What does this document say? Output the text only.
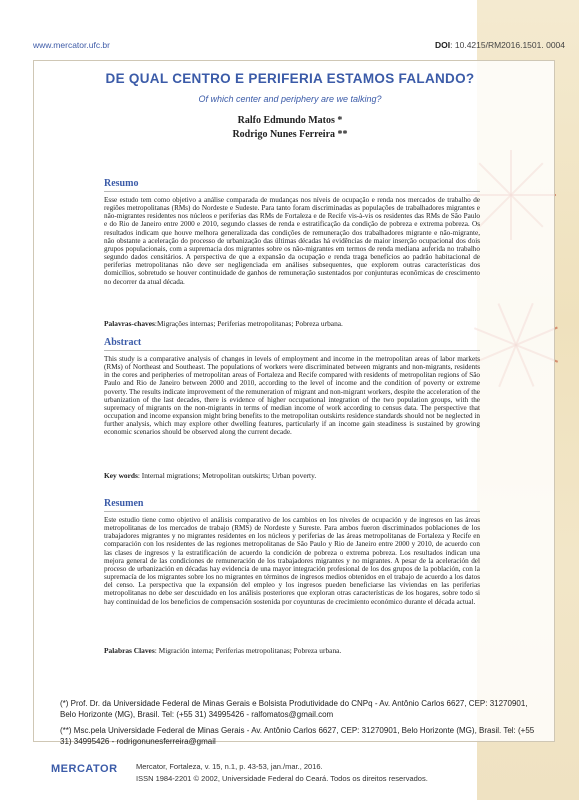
www.mercator.ufc.br	DOI: 10.4215/RM2016.1501. 0004
DE QUAL CENTRO E PERIFERIA ESTAMOS FALANDO?
Of which center and periphery are we talking?
Ralfo Edmundo Matos *
Rodrigo Nunes Ferreira **
Resumo
Esse estudo tem como objetivo a análise comparada de mudanças nos níveis de ocupação e renda nos mercados de trabalho de regiões metropolitanas (RMs) do Nordeste e Sudeste. Para tanto foram discriminadas as populações de trabalhadores migrantes e não-migrantes residentes nos núcleos e periferias das RMs de Fortaleza e de Recife vis-à-vis os residentes das RMs de São Paulo e do Rio de Janeiro entre 2000 e 2010, segundo classes de renda e estratificação da condição de pobreza e extrema pobreza. Os resultados indicam que houve melhora generalizada das condições de remuneração dos trabalhadores migrante e não-migrante, não obstante a aceleração do processo de urbanização das últimas décadas há evidências de maior inserção ocupacional dos dois grupos populacionais, com a supremacia dos migrantes sobre os não-migrantes em termos de renda mediana auferida no trabalho segundo dados censitários. A perspectiva de que a expansão da ocupação e renda traga benefícios ao padrão habitacional de periferias metropolitanas não deve ser negligenciada em análises subsequentes, que explorem outras características dos domicílios, sobretudo se houver continuidade de ganhos de remuneração sustentados por conjunturas econômicas de crescimento no decorrer da atual década.
Palavras-chaves:Migrações internas; Periferias metropolitanas; Pobreza urbana.
Abstract
This study is a comparative analysis of changes in levels of employment and income in the metropolitan areas of labor markets (RMs) of Northeast and Southeast. The populations of workers were discriminated between migrants and non-migrants, residents in the cores and peripheries of metropolitan areas of Fortaleza and Recife compared with residents of metropolitan regions of São Paulo and Rio de Janeiro between 2000 and 2010, according to the level of income and the condition of poverty or extreme poverty. The results indicate improvement of the remuneration of migrant and non-migrant workers, despite the acceleration of the urbanization of the last decades, there is evidence of higher occupational integration of the two population groups, with the supremacy of migrants on the non-migrants in terms of median income of work according to census data. The perspective that occupation and income expansion might bring benefits to the metropolitan outskirts residence standards should not be neglected in further analysis, which may explore other dwelling features, particularly if an income gain steadiness is sustained by growing economic scenarios should be observed along the current decade.
Key words: Internal migrations; Metropolitan outskirts; Urban poverty.
Resumen
Este estudio tiene como objetivo el análisis comparativo de los cambios en los niveles de ocupación y de ingresos en las áreas metropolitanas de los mercados de trabajo (RMS) de Nordeste y Sureste. Para ambos fueron discriminados poblaciones de los trabajadores migrantes y no migrantes residentes en los núcleos y periferias de las áreas metropolitanas de Fortaleza y Recife en comparación con los residentes de las regiones metropolitanas de São Paulo y Rio de Janeiro entre 2000 y 2010, de acuerdo con las clases de ingresos y la estratificación de acuerdo la condición de pobreza o extrema pobreza. Los resultados indican una mejora general de las condiciones de remuneración de los trabajadores migrantes y no migrantes. A pesar de la aceleración del proceso de urbanización en décadas hay evidencia de una mayor integración profesional de los dos grupos de la población, con la supremacía de los migrantes sobre los no migrantes en términos de ingresos medios obtenidos en el trabajo de acuerdo a los datos del censo. La perspectiva que la expansión del empleo y los ingresos pueden beneficiarse las viviendas en las periferias metropolitanas no debe ser descuidado en los análisis posteriores que exploran otras características de los hogares, sobre todo si hay continuidad de los beneficios de compensación sostenida por coyunturas de crecimiento económico durante el década actual.
Palabras Claves: Migración interna; Periferias metropolitanas; Pobreza urbana.
(*) Prof. Dr. da Universidade Federal de Minas Gerais e Bolsista Produtividade do CNPq - Av. Antônio Carlos 6627, CEP: 31270901, Belo Horizonte (MG), Brasil. Tel: (+55 31) 34995426 - ralfomatos@gmail.com
(**) Msc.pela Universidade Federal de Minas Gerais - Av. Antônio Carlos 6627, CEP: 31270901, Belo Horizonte (MG), Brasil. Tel: (+55 31) 34995426 - rodrigonunesferreira@gmail
MERCATOR Mercator, Fortaleza, v. 15, n.1, p. 43-53, jan./mar., 2016.
ISSN 1984-2201 © 2002, Universidade Federal do Ceará. Todos os direitos reservados.
